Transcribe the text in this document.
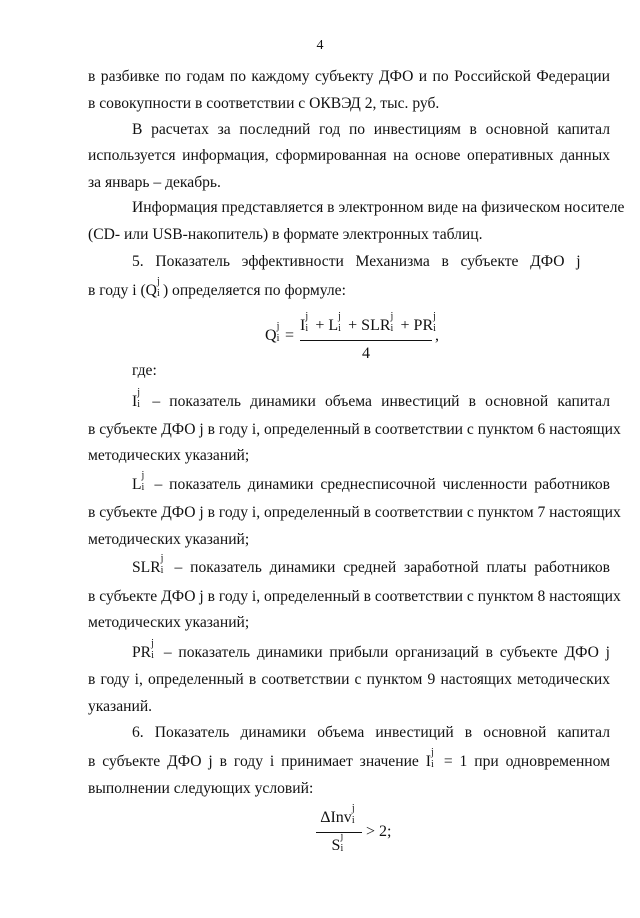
4
в разбивке по годам по каждому субъекту ДФО и по Российской Федерации
в совокупности в соответствии с ОКВЭД 2, тыс. руб.
В расчетах за последний год по инвестициям в основной капитал
используется информация, сформированная на основе оперативных данных
за январь – декабрь.
Информация представляется в электронном виде на физическом носителе
(CD- или USB-накопитель) в формате электронных таблиц.
5.   Показатель   эффективности   Механизма   в   субъекте   ДФО   j
в году i (Q
j
i ) определяется по формуле:
Q
j
i =
I
j
i + L
j
i + SLR
j
i + PR
j
i
4
,
где:
I
j
i – показатель динамики объема инвестиций в основной капитал
в субъекте ДФО j в году i, определенный в соответствии с пунктом 6 настоящих
методических указаний;
L
j
i – показатель динамики среднесписочной численности работников
в субъекте ДФО j в году i, определенный в соответствии с пунктом 7 настоящих
методических указаний;
SLR
j
i – показатель динамики средней заработной платы работников
в субъекте ДФО j в году i, определенный в соответствии с пунктом 8 настоящих
методических указаний;
PR
j
i – показатель динамики прибыли организаций в субъекте ДФО j
в году i, определенный в соответствии с пунктом 9 настоящих методических
указаний.
6. Показатель динамики объема инвестиций в основной капитал
в субъекте ДФО j в году i принимает значение I
j
i = 1 при одновременном
выполнении следующих условий:
ΔInv
j
i
S
j
i
> 2;
